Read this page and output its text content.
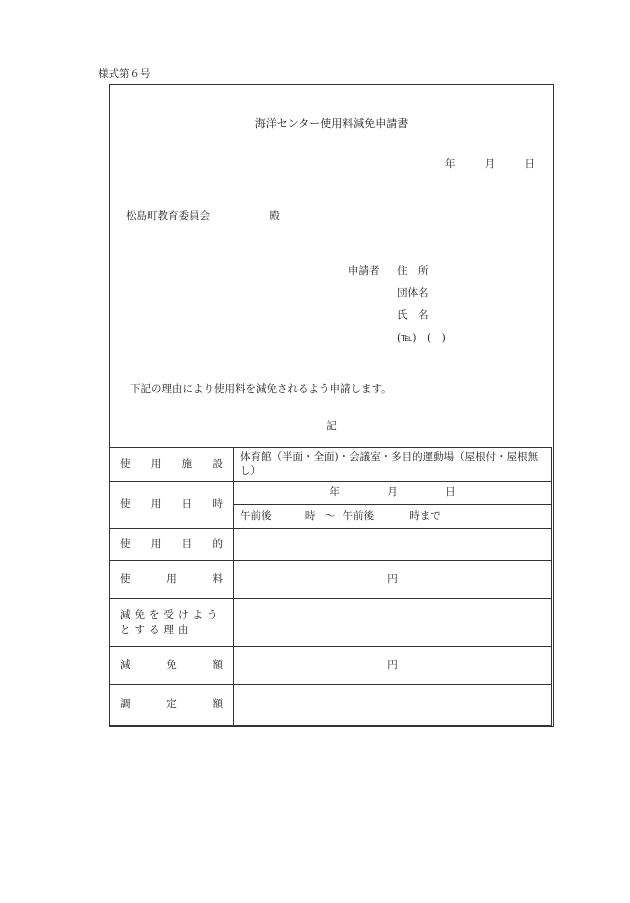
様式第６号
海洋センター使用料減免申請書
年	月	日
松島町教育委員会	殿
申請者 住　所
団体名
氏　名
(℡)　(　)
下記の理由により使用料を減免されるよう申請します。
記
使 用 施 設	体育館（半面・全面)・会議室・多目的運動場（屋根付・屋根無し）

使 用 日 時	年 月 日
	午前後 時 ～ 午前後 時まで

使 用 目 的	

使 用 料	円
減免を受けようとする理由	

減 免 額	円

調 定 額	
